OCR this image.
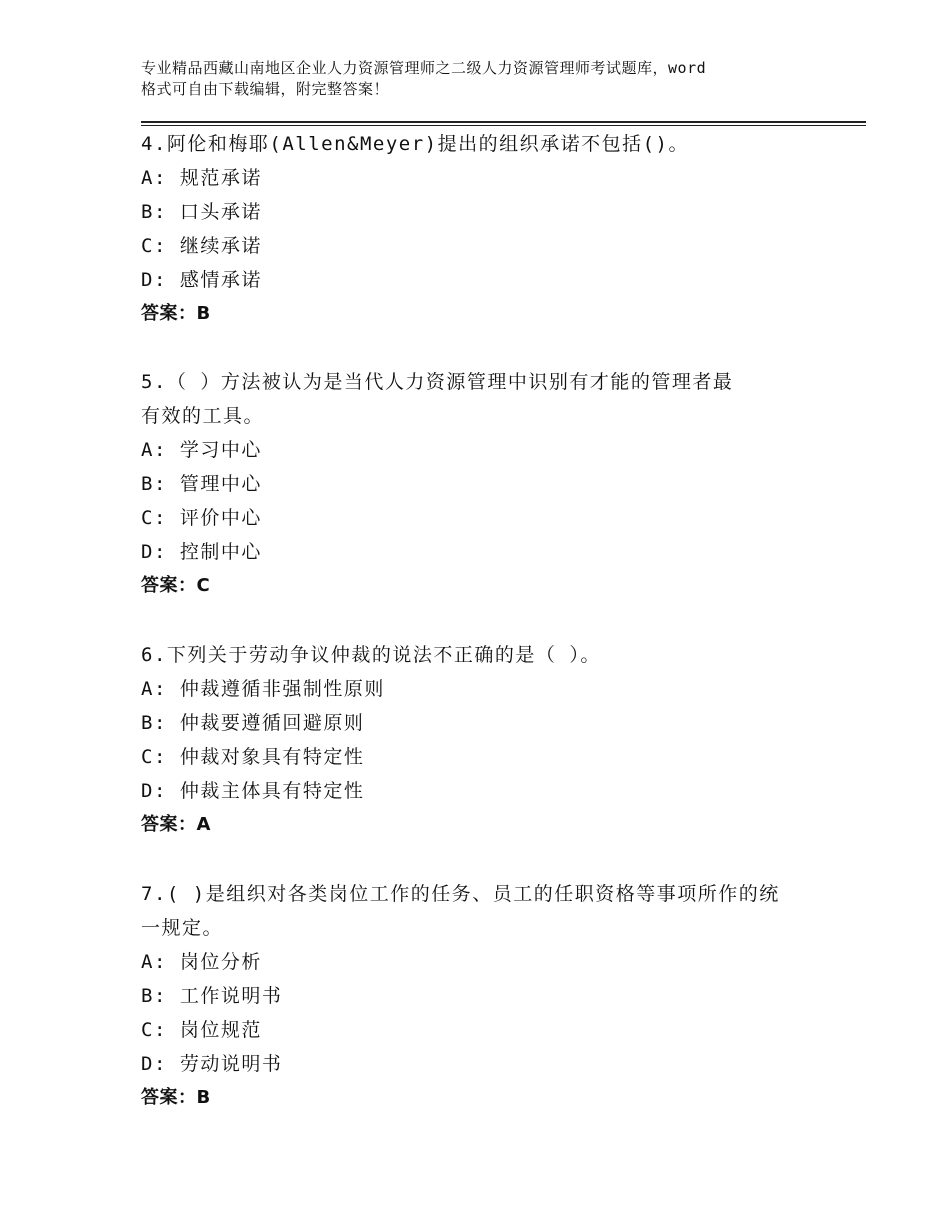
专业精品西藏山南地区企业人力资源管理师之二级人力资源管理师考试题库，word
格式可自由下载编辑，附完整答案！
4.阿伦和梅耶(Allen&Meyer)提出的组织承诺不包括()。
A: 规范承诺
B: 口头承诺
C: 继续承诺
D: 感情承诺
答案：B
5.（ ）方法被认为是当代人力资源管理中识别有才能的管理者最
有效的工具。
A: 学习中心
B: 管理中心
C: 评价中心
D: 控制中心
答案：C
6.下列关于劳动争议仲裁的说法不正确的是（ ）。
A: 仲裁遵循非强制性原则
B: 仲裁要遵循回避原则
C: 仲裁对象具有特定性
D: 仲裁主体具有特定性
答案：A
7.( )是组织对各类岗位工作的任务、员工的任职资格等事项所作的统
一规定。
A: 岗位分析
B: 工作说明书
C: 岗位规范
D: 劳动说明书
答案：B
